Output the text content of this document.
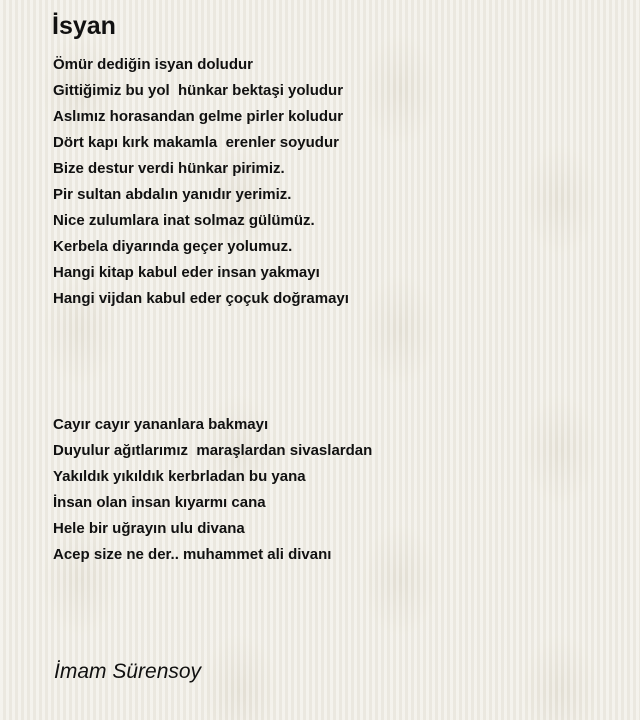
İsyan
Ömür dediğin isyan doludur
Gittiğimiz bu yol  hünkar bektaşi yoludur
Aslımız horasandan gelme pirler koludur
Dört kapı kırk makamla  erenler soyudur
Bize destur verdi hünkar pirimiz.
Pir sultan abdalın yanıdır yerimiz.
Nice zulumlara inat solmaz gülümüz.
Kerbela diyarında geçer yolumuz.
Hangi kitap kabul eder insan yakmayı
Hangi vijdan kabul eder çoçuk doğramayı
Cayır cayır yananlara bakmayı
Duyulur ağıtlarımız  maraşlardan sivaslardan
Yakıldık yıkıldık kerbrladan bu yana
İnsan olan insan kıyarmı cana
Hele bir uğrayın ulu divana
Acep size ne der.. muhammet ali divanı

İmam Sürensoy
